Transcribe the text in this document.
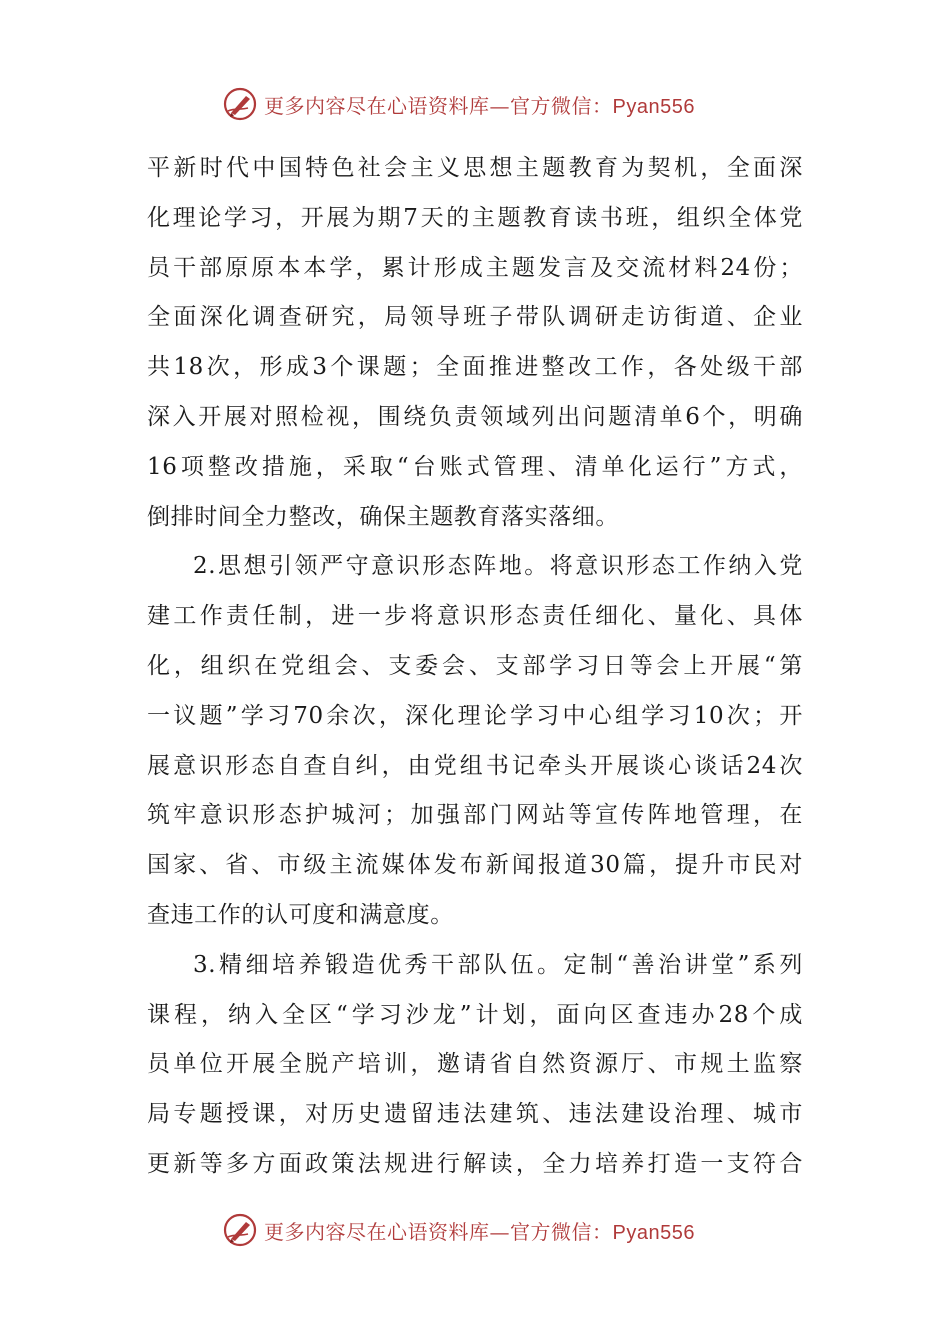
更多内容尽在心语资料库—官方微信：Pyan556
平新时代中国特色社会主义思想主题教育为契机，全面深
化理论学习，开展为期7天的主题教育读书班，组织全体党
员干部原原本本学，累计形成主题发言及交流材料24份；
全面深化调查研究，局领导班子带队调研走访街道、企业
共18次，形成3个课题；全面推进整改工作，各处级干部
深入开展对照检视，围绕负责领域列出问题清单6个，明确
16项整改措施，采取“台账式管理、清单化运行”方式，
倒排时间全力整改，确保主题教育落实落细。
2.思想引领严守意识形态阵地。将意识形态工作纳入党
建工作责任制，进一步将意识形态责任细化、量化、具体
化，组织在党组会、支委会、支部学习日等会上开展“第
一议题”学习70余次，深化理论学习中心组学习10次；开
展意识形态自查自纠，由党组书记牵头开展谈心谈话24次
筑牢意识形态护城河；加强部门网站等宣传阵地管理，在
国家、省、市级主流媒体发布新闻报道30篇，提升市民对
查违工作的认可度和满意度。
3.精细培养锻造优秀干部队伍。定制“善治讲堂”系列
课程，纳入全区“学习沙龙”计划，面向区查违办28个成
员单位开展全脱产培训，邀请省自然资源厅、市规土监察
局专题授课，对历史遗留违法建筑、违法建设治理、城市
更新等多方面政策法规进行解读，全力培养打造一支符合
更多内容尽在心语资料库—官方微信：Pyan556
